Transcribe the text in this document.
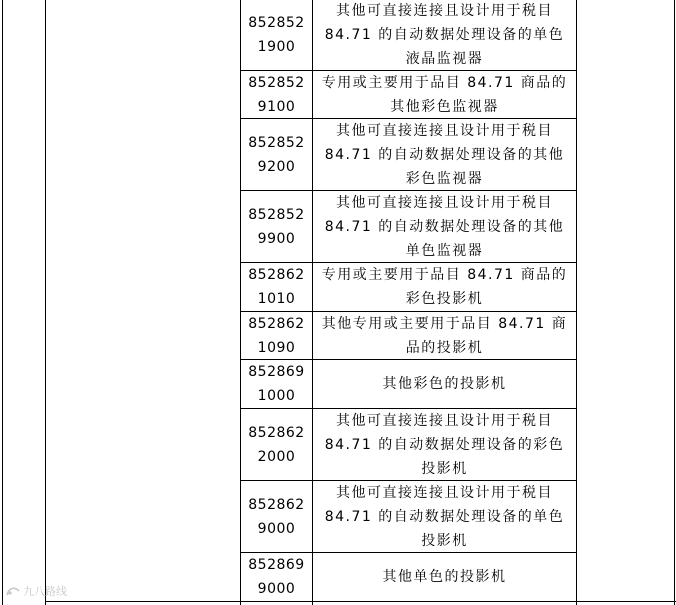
852852
1900
其他可直接连接且设计用于税目
84.71 的自动数据处理设备的单色
液晶监视器
852852
9100
专用或主要用于品目 84.71 商品的
其他彩色监视器
852852
9200
其他可直接连接且设计用于税目
84.71 的自动数据处理设备的其他
彩色监视器
852852
9900
其他可直接连接且设计用于税目
84.71 的自动数据处理设备的其他
单色监视器
852862
1010
专用或主要用于品目 84.71 商品的
彩色投影机
852862
1090
其他专用或主要用于品目 84.71 商
品的投影机
852869
1000
其他彩色的投影机
852862
2000
其他可直接连接且设计用于税目
84.71 的自动数据处理设备的彩色
投影机
852862
9000
其他可直接连接且设计用于税目
84.71 的自动数据处理设备的单色
投影机
852869
9000
其他单色的投影机
九八路线
